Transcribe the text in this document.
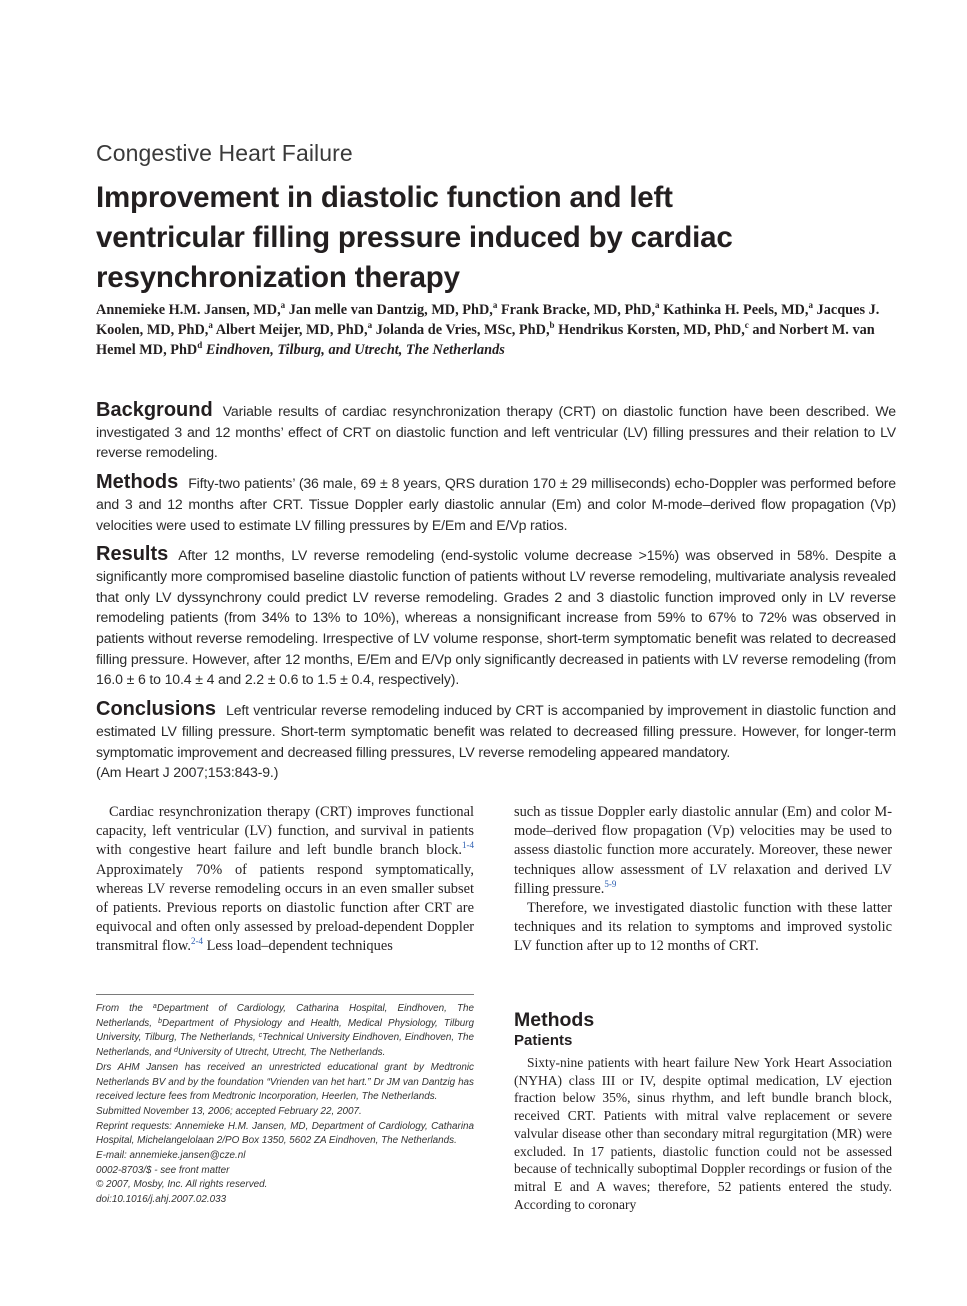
Congestive Heart Failure
Improvement in diastolic function and left ventricular filling pressure induced by cardiac resynchronization therapy

Annemieke H.M. Jansen, MD,$^a$ Jan melle van Dantzig, MD, PhD,$^a$ Frank Bracke, MD, PhD,$^a$ Kathinka H. Peels, MD,$^a$ Jacques J. Koolen, MD, PhD,$^a$ Albert Meijer, MD, PhD,$^a$ Jolanda de Vries, MSc, PhD,$^b$ Hendrikus Korsten, MD, PhD,$^c$ and Norbert M. van Hemel MD, PhD$^d$ Eindhoven, Tilburg, and Utrecht, The Netherlands

Background Variable results of cardiac resynchronization therapy (CRT) on diastolic function have been described. We investigated 3 and 12 months’ effect of CRT on diastolic function and left ventricular (LV) filling pressures and their relation to LV reverse remodeling.

Methods Fifty-two patients’ (36 male, 69 ± 8 years, QRS duration 170 ± 29 milliseconds) echo-Doppler was performed before and 3 and 12 months after CRT. Tissue Doppler early diastolic annular (Em) and color M-mode–derived flow propagation (Vp) velocities were used to estimate LV filling pressures by E/Em and E/Vp ratios.

Results After 12 months, LV reverse remodeling (end-systolic volume decrease >15%) was observed in 58%. Despite a significantly more compromised baseline diastolic function of patients without LV reverse remodeling, multivariate analysis revealed that only LV dyssynchrony could predict LV reverse remodeling. Grades 2 and 3 diastolic function improved only in LV reverse remodeling patients (from 34% to 13% to 10%), whereas a nonsignificant increase from 59% to 67% to 72% was observed in patients without reverse remodeling. Irrespective of LV volume response, short-term symptomatic benefit was related to decreased filling pressure. However, after 12 months, E/Em and E/Vp only significantly decreased in patients with LV reverse remodeling (from 16.0 ± 6 to 10.4 ± 4 and 2.2 ± 0.6 to 1.5 ± 0.4, respectively).

Conclusions Left ventricular reverse remodeling induced by CRT is accompanied by improvement in diastolic function and estimated LV filling pressure. Short-term symptomatic benefit was related to decreased filling pressure. However, for longer-term symptomatic improvement and decreased filling pressures, LV reverse remodeling appeared mandatory.
(Am Heart J 2007;153:843-9.)

Cardiac resynchronization therapy (CRT) improves functional capacity, left ventricular (LV) function, and survival in patients with congestive heart failure and left bundle branch block.$^{1-4}$ Approximately 70% of patients respond symptomatically, whereas LV reverse remodeling occurs in an even smaller subset of patients. Previous reports on diastolic function after CRT are equivocal and often only assessed by preload-dependent Doppler transmitral flow.$^{2-4}$ Less load–dependent techniques

such as tissue Doppler early diastolic annular (Em) and color M-mode–derived flow propagation (Vp) velocities may be used to assess diastolic function more accurately. Moreover, these newer techniques allow assessment of LV relaxation and derived LV filling pressure.$^{5-9}$

Therefore, we investigated diastolic function with these latter techniques and its relation to symptoms and improved systolic LV function after up to 12 months of CRT.

From the $^a$Department of Cardiology, Catharina Hospital, Eindhoven, The Netherlands, $^b$Department of Physiology and Health, Medical Physiology, Tilburg University, Tilburg, The Netherlands, $^c$Technical University Eindhoven, Eindhoven, The Netherlands, and $^d$University of Utrecht, Utrecht, The Netherlands.

Drs AHM Jansen has received an unrestricted educational grant by Medtronic Netherlands BV and by the foundation “Vrienden van het hart.” Dr JM van Dantzig has received lecture fees from Medtronic Incorporation, Heerlen, The Netherlands.

Submitted November 13, 2006; accepted February 22, 2007.

Reprint requests: Annemieke H.M. Jansen, MD, Department of Cardiology, Catharina Hospital, Michelangelolaan 2/PO Box 1350, 5602 ZA Eindhoven, The Netherlands.

E-mail: annemieke.jansen@cze.nl

0002-8703/$ - see front matter

© 2007, Mosby, Inc. All rights reserved.

doi:10.1016/j.ahj.2007.02.033

Methods
Patients

Sixty-nine patients with heart failure New York Heart Association (NYHA) class III or IV, despite optimal medication, LV ejection fraction below 35%, sinus rhythm, and left bundle branch block, received CRT. Patients with mitral valve replacement or severe valvular disease other than secondary mitral regurgitation (MR) were excluded. In 17 patients, diastolic function could not be assessed because of technically suboptimal Doppler recordings or fusion of the mitral E and A waves; therefore, 52 patients entered the study. According to coronary
